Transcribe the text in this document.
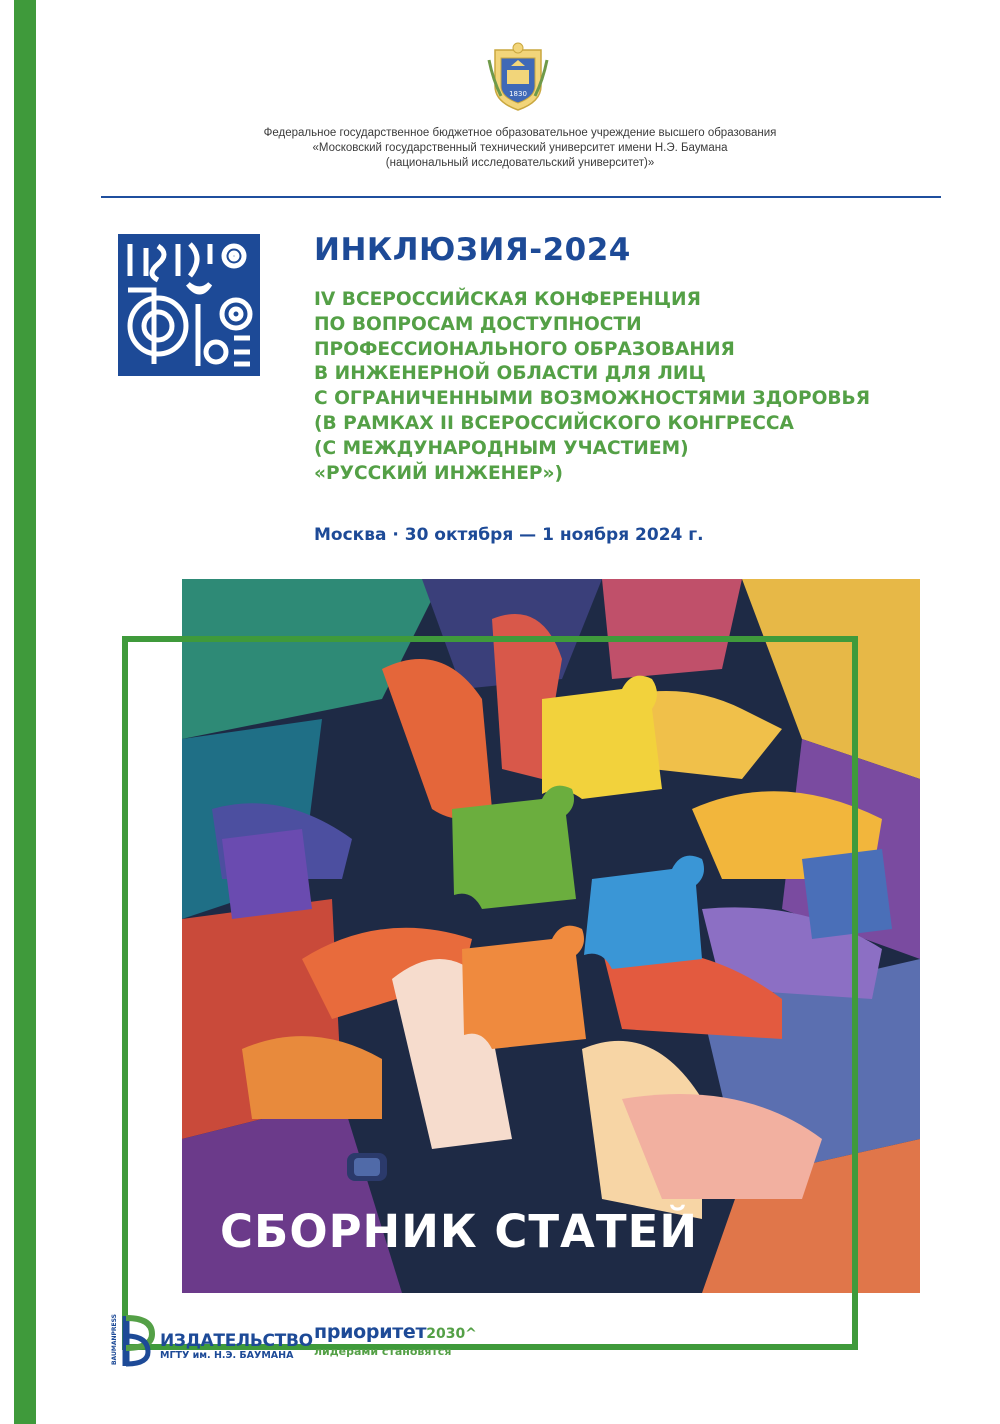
1830
Федеральное государственное бюджетное образовательное учреждение высшего образования
«Московский государственный технический университет имени Н.Э. Баумана
(национальный исследовательский университет)»
ИНКЛЮЗИЯ-2024
IV ВСЕРОССИЙСКАЯ КОНФЕРЕНЦИЯ
ПО ВОПРОСАМ ДОСТУПНОСТИ
ПРОФЕССИОНАЛЬНОГО ОБРАЗОВАНИЯ
В ИНЖЕНЕРНОЙ ОБЛАСТИ ДЛЯ ЛИЦ
С ОГРАНИЧЕННЫМИ ВОЗМОЖНОСТЯМИ ЗДОРОВЬЯ
(В РАМКАХ II ВСЕРОССИЙСКОГО КОНГРЕССА
(С МЕЖДУНАРОДНЫМ УЧАСТИЕМ)
«РУССКИЙ ИНЖЕНЕР»)
Москва · 30 октября — 1 ноября 2024 г.
СБОРНИК СТАТЕЙ
BAUMANPRESS ИЗДАТЕЛЬСТВО
МГТУ им. Н.Э. БАУМАНА
приоритет2030^
лидерами становятся
